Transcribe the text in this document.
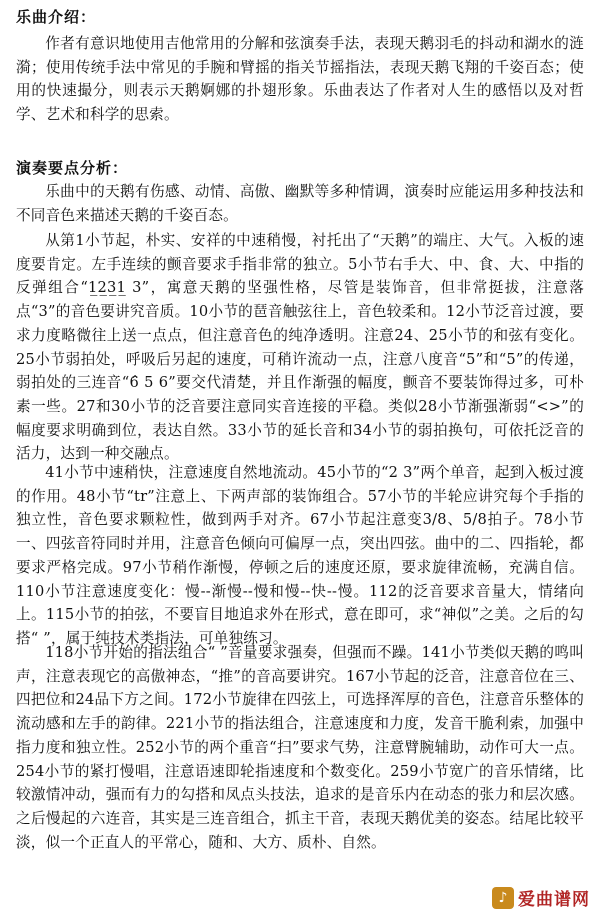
乐曲介绍：

作者有意识地使用吉他常用的分解和弦演奏手法，表现天鹅羽毛的抖动和湖水的涟漪；使用传统手法中常见的手腕和臂摇的指关节摇指法，表现天鹅飞翔的千姿百态；使用的快速撮分，则表示天鹅婀娜的扑翅形象。乐曲表达了作者对人生的感悟以及对哲学、艺术和科学的思索。

演奏要点分析：

乐曲中的天鹅有伤感、动情、高傲、幽默等多种情调，演奏时应能运用多种技法和不同音色来描述天鹅的千姿百态。

从第1小节起，朴实、安祥的中速稍慢，衬托出了“天鹅”的端庄、大气。入板的速度要肯定。左手连续的颤音要求手指非常的独立。5小节右手大、中、食、大、中指的反弹组合“1̲2̲3̲1̲ 3”，寓意天鹅的坚强性格，尽管是装饰音，但非常挺拔，注意落点“3”的音色要讲究音质。10小节的琶音触弦往上，音色较柔和。12小节泛音过渡，要求力度略微往上送一点点，但注意音色的纯净透明。注意24、25小节的和弦有变化。25小节弱拍处，呼吸后另起的速度，可稍许流动一点，注意八度音“5”和“5”的传递，弱拍处的三连音“6̂ 5 6”要交代清楚，并且作渐强的幅度，颤音不要装饰得过多，可朴素一些。27和30小节的泛音要注意同实音连接的平稳。类似28小节渐强渐弱“<>”的幅度要求明确到位，表达自然。33小节的延长音和34小节的弱拍换句，可依托泛音的活力，达到一种交融点。

41小节中速稍快，注意速度自然地流动。45小节的“2 3”两个单音，起到入板过渡的作用。48小节“tr”注意上、下两声部的装饰组合。57小节的半轮应讲究每个手指的独立性，音色要求颗粒性，做到两手对齐。67小节起注意变3/8、5/8拍子。78小节一、四弦音符同时并用，注意音色倾向可偏厚一点，突出四弦。曲中的二、四指轮，都要求严格完成。97小节稍作渐慢，停顿之后的速度还原，要求旋律流畅，充满自信。110小节注意速度变化：慢--渐慢--慢和慢--快--慢。112的泛音要求音量大，情绪向上。115小节的拍弦，不要盲目地追求外在形式，意在即可，求“神似”之美。之后的勾搭“ ”，属于纯技术类指法，可单独练习。

118小节开始的指法组合“ ”音量要求强奏，但强而不躁。141小节类似天鹅的鸣叫声，注意表现它的高傲神态，“推”的音高要讲究。167小节起的泛音，注意音位在三、四把位和24品下方之间。172小节旋律在四弦上，可选择浑厚的音色，注意音乐整体的流动感和左手的韵律。221小节的指法组合，注意速度和力度，发音干脆利索，加强中指力度和独立性。252小节的两个重音“扫”要求气势，注意臂腕辅助，动作可大一点。254小节的紧打慢唱，注意语速即轮指速度和个数变化。259小节宽广的音乐情绪，比较激情冲动，强而有力的勾搭和凤点头技法，追求的是音乐内在动态的张力和层次感。之后慢起的六连音，其实是三连音组合，抓主干音，表现天鹅优美的姿态。结尾比较平淡，似一个正直人的平常心，随和、大方、质朴、自然。

♪ 爱曲谱网
